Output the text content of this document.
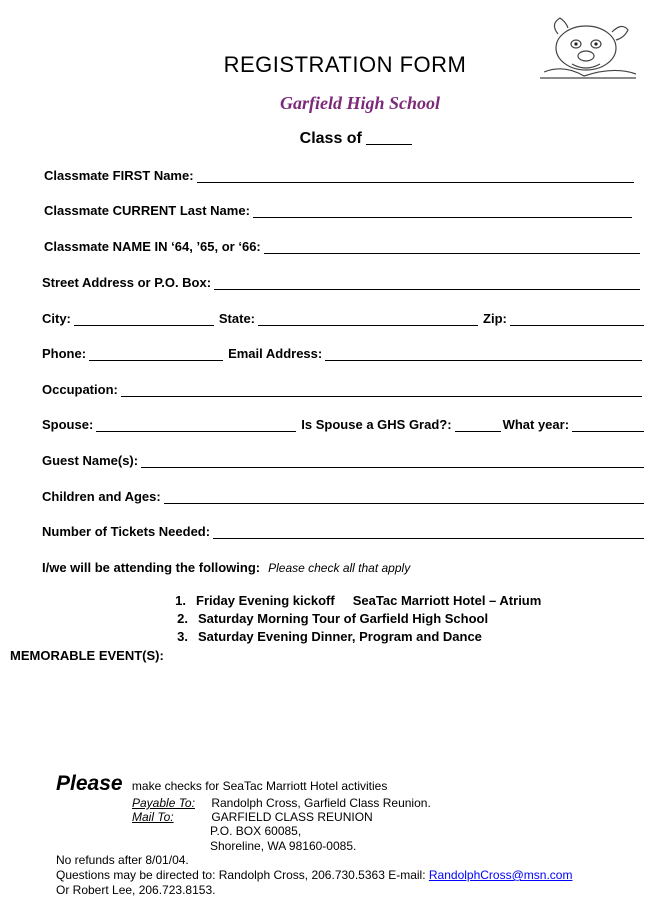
REGISTRATION FORM
Garfield High School
Class of
Classmate FIRST Name:
Classmate CURRENT Last Name:
Classmate NAME IN ‘64, ’65, or ‘66:
Street Address or P.O. Box:
City:	State:	Zip:
Phone:	Email Address:
Occupation:
Spouse:	Is Spouse a GHS Grad?:	What year:
Guest Name(s):
Children and Ages:
Number of Tickets Needed:
I/we will be attending the following: Please check all that apply
1. Friday Evening kickoff     SeaTac Marriott Hotel – Atrium
2. Saturday Morning Tour of Garfield High School
3. Saturday Evening Dinner, Program and Dance
MEMORABLE EVENT(S):
Please make checks for SeaTac Marriott Hotel activities
Payable To: Randolph Cross, Garfield Class Reunion.
Mail To:	GARFIELD CLASS REUNION
P.O. BOX 60085,
Shoreline, WA 98160-0085.
No refunds after 8/01/04.
Questions may be directed to: Randolph Cross, 206.730.5363 E-mail: RandolphCross@msn.com
Or Robert Lee, 206.723.8153.
